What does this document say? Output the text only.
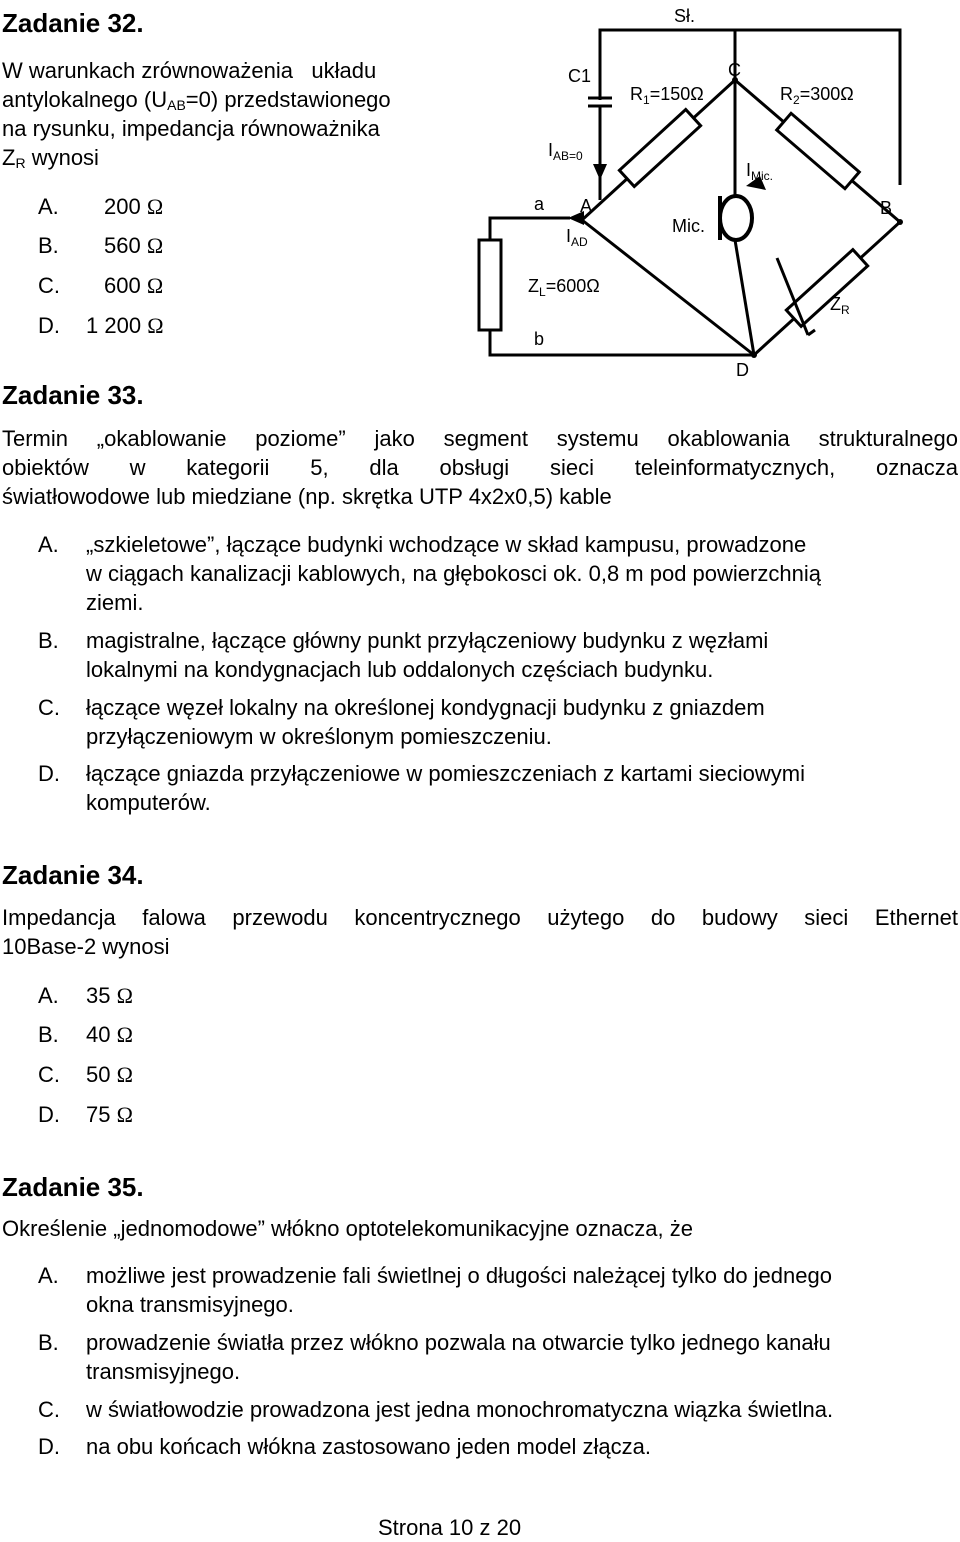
Zadanie 32.
W warunkach zrównoważenia układu
antylokalnego $(U_{AB}=0)$ przedstawionego
na rysunku, impedancja równoważnika
$Z_R$ wynosi
A. 200 Ω
B. 560 Ω
C. 600 Ω
D. 1 200 Ω
Sł.
C1	C
$R_1=150\Omega$	$R_2=300\Omega$
$I_{AB=0}$
$I_{Mic.}$
a A	B
$I_{AD}$
Mic.
$Z_L=600\Omega$
$Z_R$
b
D
Zadanie 33.
Termin „okablowanie poziome” jako segment systemu okablowania strukturalnego
obiektów w kategorii 5, dla obsługi sieci teleinformatycznych, oznacza
światłowodowe lub miedziane (np. skrętka UTP 4x2x0,5) kable
A. „szkieletowe”, łączące budynki wchodzące w skład kampusu, prowadzone
w ciągach kanalizacji kablowych, na głębokosci ok. 0,8 m pod powierzchnią
ziemi.
B. magistralne, łączące główny punkt przyłączeniowy budynku z węzłami
lokalnymi na kondygnacjach lub oddalonych częściach budynku.
C. łączące węzeł lokalny na określonej kondygnacji budynku z gniazdem
przyłączeniowym w określonym pomieszczeniu.
D. łączące gniazda przyłączeniowe w pomieszczeniach z kartami sieciowymi
komputerów.
Zadanie 34.
Impedancja falowa przewodu koncentrycznego użytego do budowy sieci Ethernet
10Base-2 wynosi
A. 35 Ω
B. 40 Ω
C. 50 Ω
D. 75 Ω
Zadanie 35.
Określenie „jednomodowe” włókno optotelekomunikacyjne oznacza, że
A. możliwe jest prowadzenie fali świetlnej o długości należącej tylko do jednego
okna transmisyjnego.
B. prowadzenie światła przez włókno pozwala na otwarcie tylko jednego kanału
transmisyjnego.
C. w światłowodzie prowadzona jest jedna monochromatyczna wiązka świetlna.
D. na obu końcach włókna zastosowano jeden model złącza.
Strona 10 z 20
